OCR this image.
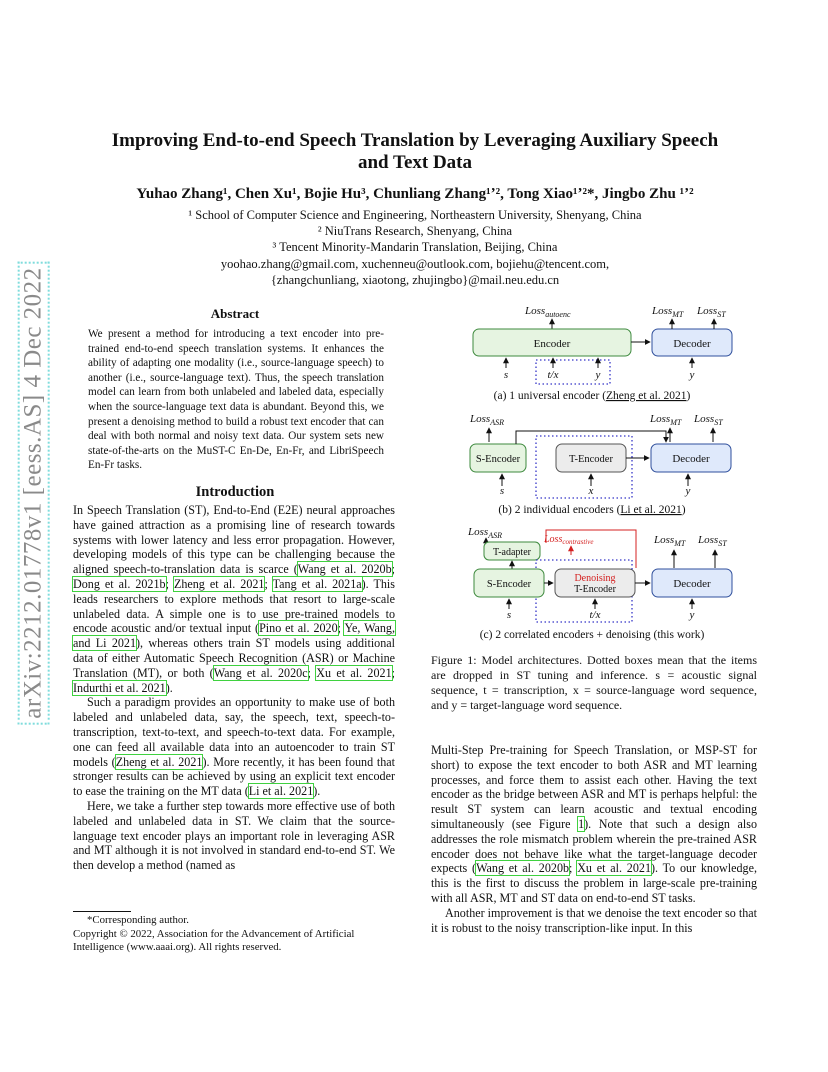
arXiv:2212.01778v1 [eess.AS] 4 Dec 2022
Improving End-to-end Speech Translation by Leveraging Auxiliary Speech and Text Data
Yuhao Zhang¹, Chen Xu¹, Bojie Hu³, Chunliang Zhang¹ʼ², Tong Xiao¹ʼ²*, Jingbo Zhu ¹ʼ²
¹ School of Computer Science and Engineering, Northeastern University, Shenyang, China
² NiuTrans Research, Shenyang, China
³ Tencent Minority-Mandarin Translation, Beijing, China
yoohao.zhang@gmail.com, xuchenneu@outlook.com, bojiehu@tencent.com,
{zhangchunliang, xiaotong, zhujingbo}@mail.neu.edu.cn
Abstract
We present a method for introducing a text encoder into pre-trained end-to-end speech translation systems. It enhances the ability of adapting one modality (i.e., source-language speech) to another (i.e., source-language text). Thus, the speech translation model can learn from both unlabeled and labeled data, especially when the source-language text data is abundant. Beyond this, we present a denoising method to build a robust text encoder that can deal with both normal and noisy text data. Our system sets new state-of-the-arts on the MuST-C En-De, En-Fr, and LibriSpeech En-Fr tasks.
Introduction

In Speech Translation (ST), End-to-End (E2E) neural approaches have gained attraction as a promising line of research towards systems with lower latency and less error propagation. However, developing models of this type can be challenging because the aligned speech-to-translation data is scarce (Wang et al. 2020b; Dong et al. 2021b; Zheng et al. 2021; Tang et al. 2021a). This leads researchers to explore methods that resort to large-scale unlabeled data. A simple one is to use pre-trained models to encode acoustic and/or textual input (Pino et al. 2020; Ye, Wang, and Li 2021), whereas others train ST models using additional data of either Automatic Speech Recognition (ASR) or Machine Translation (MT), or both (Wang et al. 2020c; Xu et al. 2021; Indurthi et al. 2021).

Such a paradigm provides an opportunity to make use of both labeled and unlabeled data, say, the speech, text, speech-to-transcription, text-to-text, and speech-to-text data. For example, one can feed all available data into an autoencoder to train ST models (Zheng et al. 2021). More recently, it has been found that stronger results can be achieved by using an explicit text encoder to ease the training on the MT data (Li et al. 2021).

Here, we take a further step towards more effective use of both labeled and unlabeled data in ST. We claim that the source-language text encoder plays an important role in leveraging ASR and MT although it is not involved in standard end-to-end ST. We then develop a method (named as

*Corresponding author.
Copyright © 2022, Association for the Advancement of Artificial Intelligence (www.aaai.org). All rights reserved.
Loss$_{autoenc}$
Encoder	Decoder
Loss$_{MT}$ Loss$_{ST}$
s	t/x	y	y
(a) 1 universal encoder (Zheng et al. 2021)
Loss$_{ASR}$	Loss$_{MT}$ Loss$_{ST}$
S-Encoder	T-Encoder	Decoder
s	x	y
(b) 2 individual encoders (Li et al. 2021)
Loss$_{ASR}$	Loss$_{contrastive}$	Loss$_{MT}$ Loss$_{ST}$
T-adapter
S-Encoder
Denoising
T-Encoder	Decoder
s	t/x	y
(c) 2 correlated encoders + denoising (this work)
Figure 1: Model architectures. Dotted boxes mean that the items are dropped in ST tuning and inference. s = acoustic signal sequence, t = transcription, x = source-language word sequence, and y = target-language word sequence.

Multi-Step Pre-training for Speech Translation, or MSP-ST for short) to expose the text encoder to both ASR and MT learning processes, and force them to assist each other. Having the text encoder as the bridge between ASR and MT is perhaps helpful: the result ST system can learn acoustic and textual encoding simultaneously (see Figure 1). Note that such a design also addresses the role mismatch problem wherein the pre-trained ASR encoder does not behave like what the target-language decoder expects (Wang et al. 2020b; Xu et al. 2021). To our knowledge, this is the first to discuss the problem in large-scale pre-training with all ASR, MT and ST data on end-to-end ST tasks.

Another improvement is that we denoise the text encoder so that it is robust to the noisy transcription-like input. In this
